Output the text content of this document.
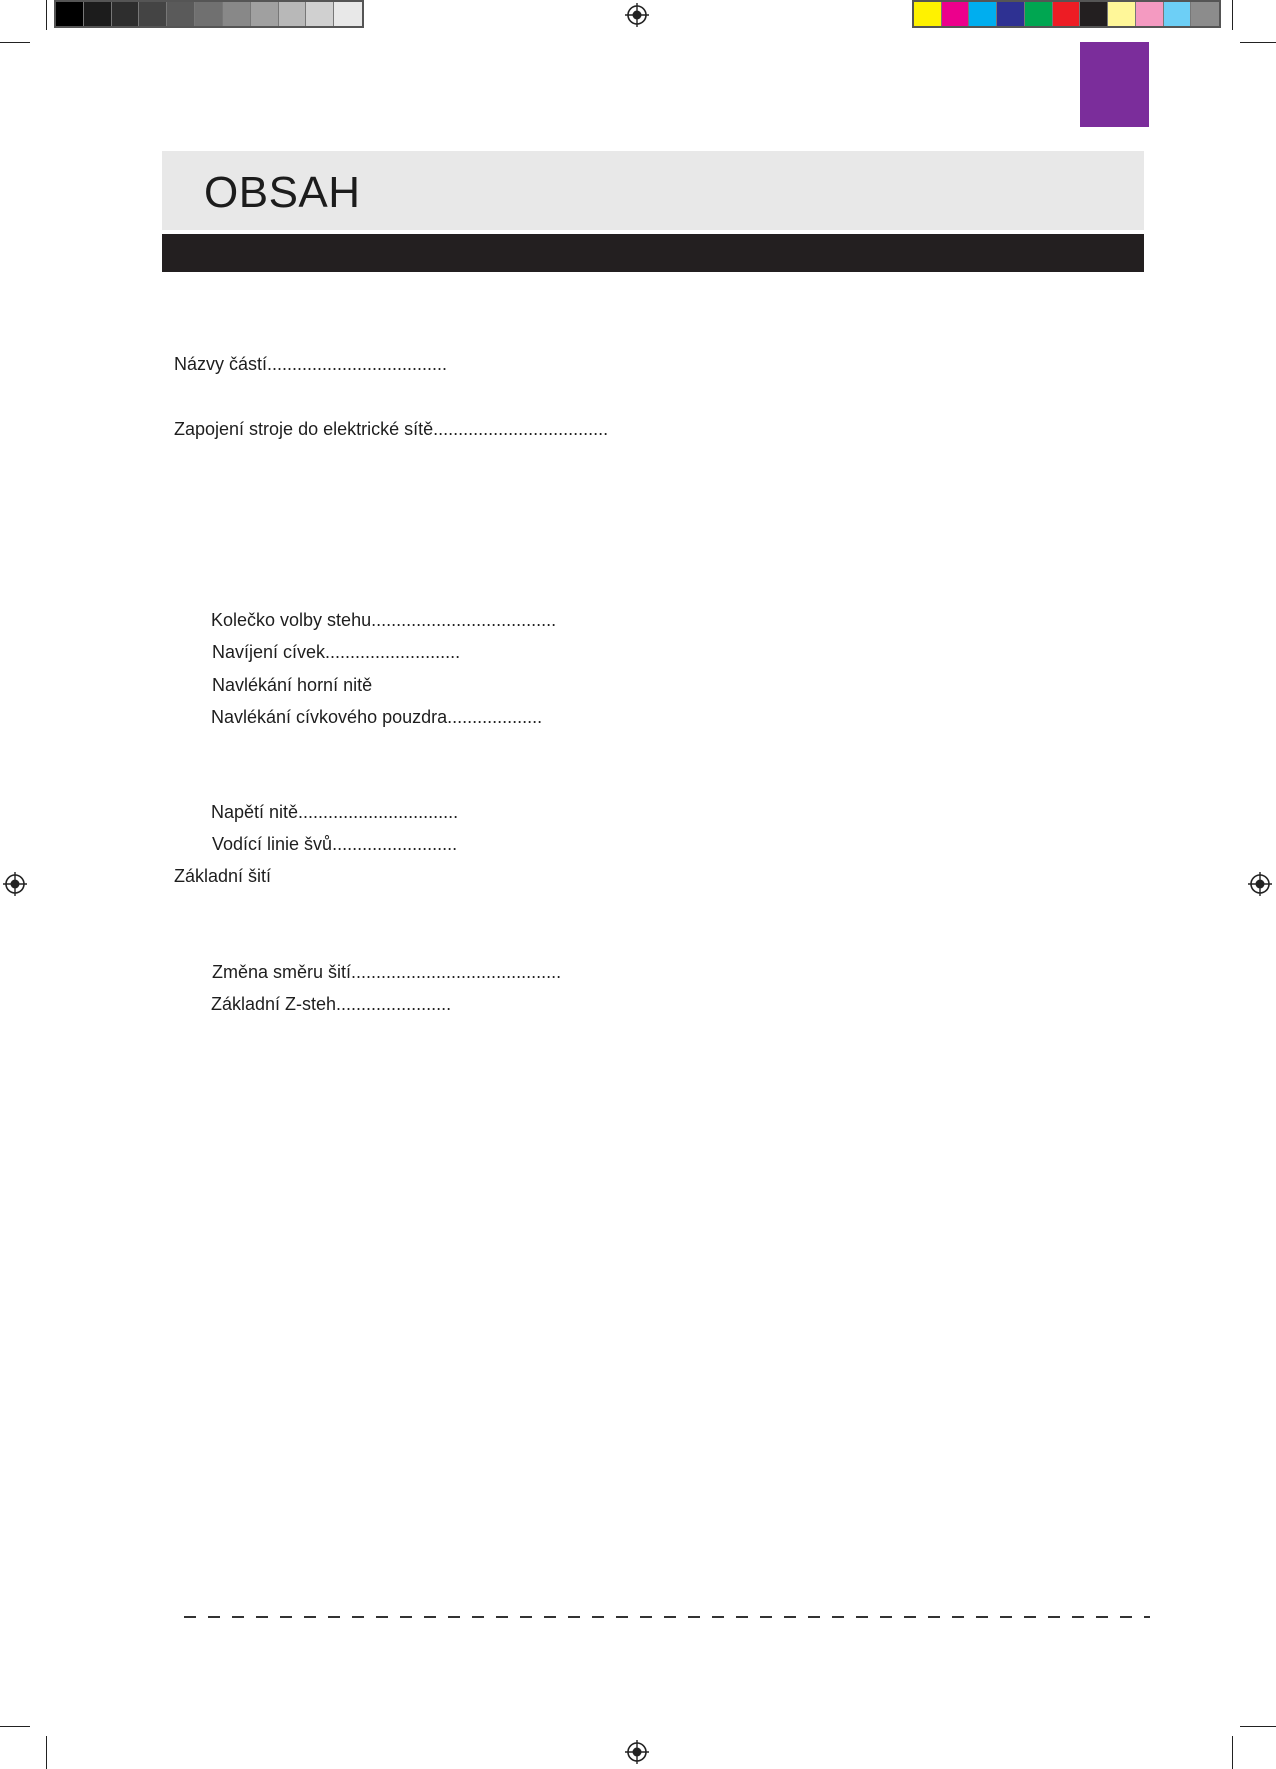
OBSAH
Názvy částí....................................
Zapojení stroje do elektrické sítě...................................
Kolečko volby stehu.....................................
Navíjení cívek...........................
Navlékání horní nitě
Navlékání cívkového pouzdra...................
Napětí nitě................................
Vodící linie švů.........................
Základní šití
Změna směru šití..........................................
Základní Z-steh.......................
